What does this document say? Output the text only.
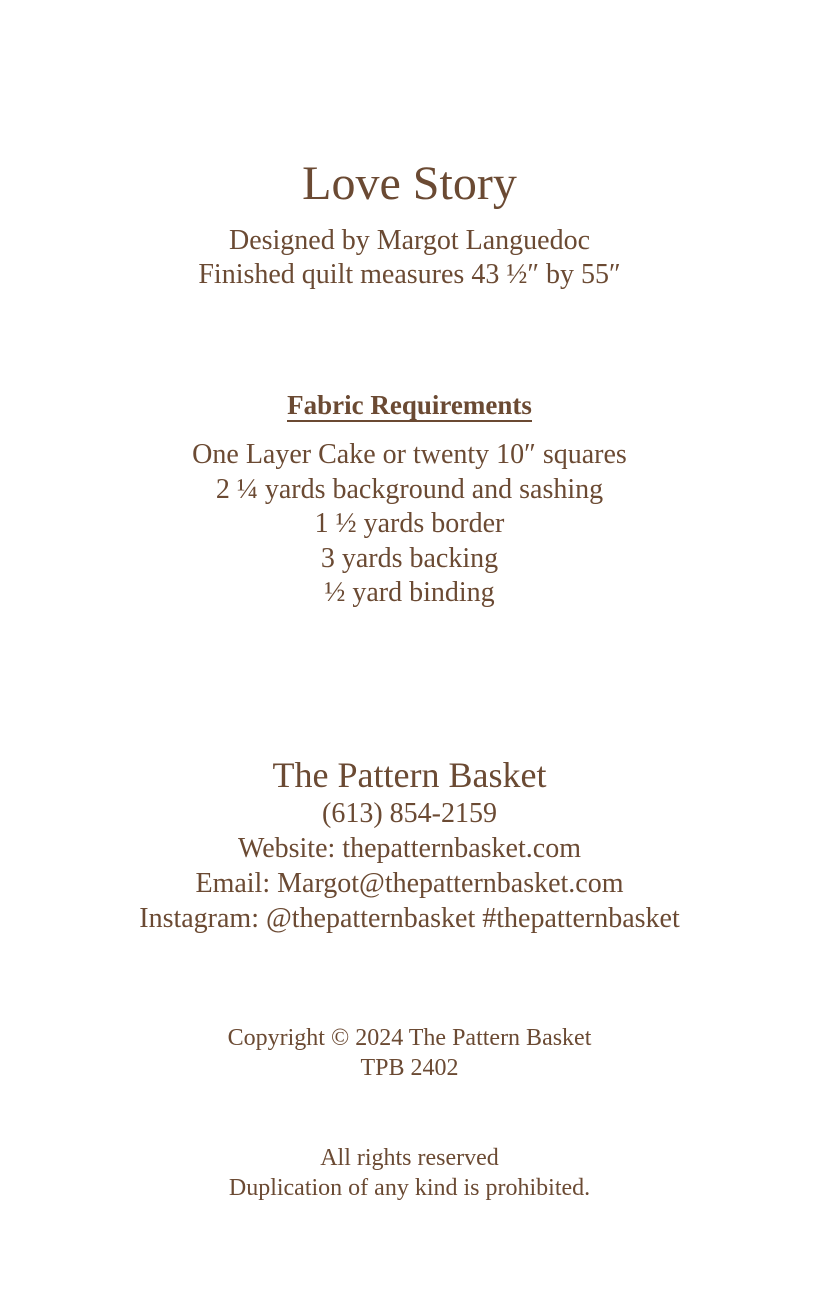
Love Story

Designed by Margot Languedoc

Finished quilt measures 43 ½″ by 55″

Fabric Requirements
One Layer Cake or twenty 10″ squares
2 ¼ yards background and sashing
1 ½ yards border
3 yards backing
½ yard binding
The Pattern Basket
(613) 854-2159
Website: thepatternbasket.com
Email: Margot@thepatternbasket.com
Instagram: @thepatternbasket #thepatternbasket
Copyright © 2024 The Pattern Basket
TPB 2402
All rights reserved
Duplication of any kind is prohibited.
